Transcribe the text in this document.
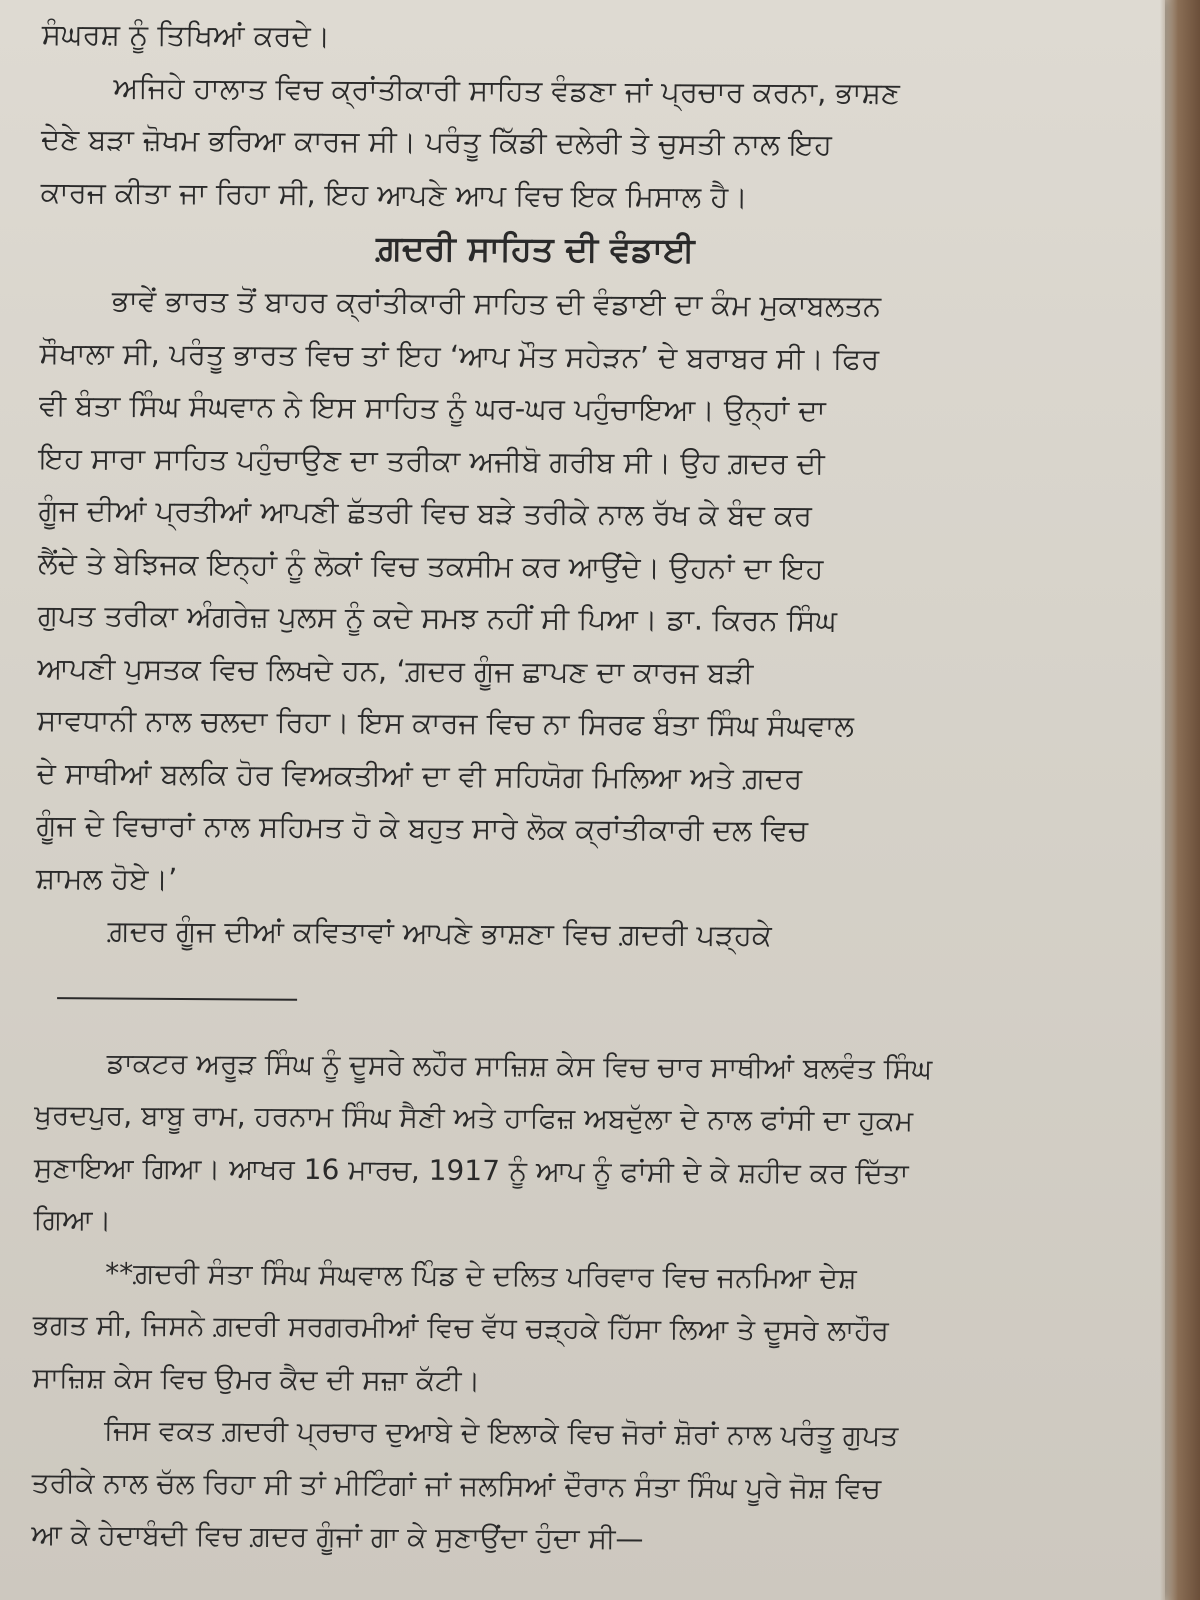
ਸੰਘਰਸ਼ ਨੂੰ ਤਿਖਿਆਂ ਕਰਦੇ।
ਅਜਿਹੇ ਹਾਲਾਤ ਵਿਚ ਕ੍ਰਾਂਤੀਕਾਰੀ ਸਾਹਿਤ ਵੰਡਣਾ ਜਾਂ ਪ੍ਰਚਾਰ ਕਰਨਾ, ਭਾਸ਼ਣ
ਦੇਣੇ ਬੜਾ ਜ਼ੋਖਮ ਭਰਿਆ ਕਾਰਜ ਸੀ। ਪਰੰਤੂ ਕਿੱਡੀ ਦਲੇਰੀ ਤੇ ਚੁਸਤੀ ਨਾਲ ਇਹ
ਕਾਰਜ ਕੀਤਾ ਜਾ ਰਿਹਾ ਸੀ, ਇਹ ਆਪਣੇ ਆਪ ਵਿਚ ਇਕ ਮਿਸਾਲ ਹੈ।
ਗ਼ਦਰੀ ਸਾਹਿਤ ਦੀ ਵੰਡਾਈ
ਭਾਵੇਂ ਭਾਰਤ ਤੋਂ ਬਾਹਰ ਕ੍ਰਾਂਤੀਕਾਰੀ ਸਾਹਿਤ ਦੀ ਵੰਡਾਈ ਦਾ ਕੰਮ ਮੁਕਾਬਲਤਨ
ਸੌਖਾਲਾ ਸੀ, ਪਰੰਤੂ ਭਾਰਤ ਵਿਚ ਤਾਂ ਇਹ ‘ਆਪ ਮੌਤ ਸਹੇੜਨ’ ਦੇ ਬਰਾਬਰ ਸੀ। ਫਿਰ
ਵੀ ਬੰਤਾ ਸਿੰਘ ਸੰਘਵਾਨ ਨੇ ਇਸ ਸਾਹਿਤ ਨੂੰ ਘਰ-ਘਰ ਪਹੁੰਚਾਇਆ। ਉਨ੍ਹਾਂ ਦਾ
ਇਹ ਸਾਰਾ ਸਾਹਿਤ ਪਹੁੰਚਾਉਣ ਦਾ ਤਰੀਕਾ ਅਜੀਬੋ ਗਰੀਬ ਸੀ। ਉਹ ਗ਼ਦਰ ਦੀ
ਗੂੰਜ ਦੀਆਂ ਪ੍ਰਤੀਆਂ ਆਪਣੀ ਛੱਤਰੀ ਵਿਚ ਬੜੇ ਤਰੀਕੇ ਨਾਲ ਰੱਖ ਕੇ ਬੰਦ ਕਰ
ਲੈਂਦੇ ਤੇ ਬੇਝਿਜਕ ਇਨ੍ਹਾਂ ਨੂੰ ਲੋਕਾਂ ਵਿਚ ਤਕਸੀਮ ਕਰ ਆਉਂਦੇ। ਉਹਨਾਂ ਦਾ ਇਹ
ਗੁਪਤ ਤਰੀਕਾ ਅੰਗਰੇਜ਼ ਪੁਲਸ ਨੂੰ ਕਦੇ ਸਮਝ ਨਹੀਂ ਸੀ ਪਿਆ। ਡਾ. ਕਿਰਨ ਸਿੰਘ
ਆਪਣੀ ਪੁਸਤਕ ਵਿਚ ਲਿਖਦੇ ਹਨ, ‘ਗ਼ਦਰ ਗੂੰਜ ਛਾਪਣ ਦਾ ਕਾਰਜ ਬੜੀ
ਸਾਵਧਾਨੀ ਨਾਲ ਚਲਦਾ ਰਿਹਾ। ਇਸ ਕਾਰਜ ਵਿਚ ਨਾ ਸਿਰਫ ਬੰਤਾ ਸਿੰਘ ਸੰਘਵਾਲ
ਦੇ ਸਾਥੀਆਂ ਬਲਕਿ ਹੋਰ ਵਿਅਕਤੀਆਂ ਦਾ ਵੀ ਸਹਿਯੋਗ ਮਿਲਿਆ ਅਤੇ ਗ਼ਦਰ
ਗੂੰਜ ਦੇ ਵਿਚਾਰਾਂ ਨਾਲ ਸਹਿਮਤ ਹੋ ਕੇ ਬਹੁਤ ਸਾਰੇ ਲੋਕ ਕ੍ਰਾਂਤੀਕਾਰੀ ਦਲ ਵਿਚ
ਸ਼ਾਮਲ ਹੋਏ।’
ਗ਼ਦਰ ਗੂੰਜ ਦੀਆਂ ਕਵਿਤਾਵਾਂ ਆਪਣੇ ਭਾਸ਼ਣਾ ਵਿਚ ਗ਼ਦਰੀ ਪੜ੍ਹਕੇ
ਡਾਕਟਰ ਅਰੂੜ ਸਿੰਘ ਨੂੰ ਦੂਸਰੇ ਲਹੌਰ ਸਾਜ਼ਿਸ਼ ਕੇਸ ਵਿਚ ਚਾਰ ਸਾਥੀਆਂ ਬਲਵੰਤ ਸਿੰਘ
ਖੁਰਦਪੁਰ, ਬਾਬੂ ਰਾਮ, ਹਰਨਾਮ ਸਿੰਘ ਸੈਣੀ ਅਤੇ ਹਾਫਿਜ਼ ਅਬਦੁੱਲਾ ਦੇ ਨਾਲ ਫਾਂਸੀ ਦਾ ਹੁਕਮ
ਸੁਣਾਇਆ ਗਿਆ। ਆਖਰ 16 ਮਾਰਚ, 1917 ਨੂੰ ਆਪ ਨੂੰ ਫਾਂਸੀ ਦੇ ਕੇ ਸ਼ਹੀਦ ਕਰ ਦਿੱਤਾ
ਗਿਆ।
**ਗ਼ਦਰੀ ਸੰਤਾ ਸਿੰਘ ਸੰਘਵਾਲ ਪਿੰਡ ਦੇ ਦਲਿਤ ਪਰਿਵਾਰ ਵਿਚ ਜਨਮਿਆ ਦੇਸ਼
ਭਗਤ ਸੀ, ਜਿਸਨੇ ਗ਼ਦਰੀ ਸਰਗਰਮੀਆਂ ਵਿਚ ਵੱਧ ਚੜ੍ਹਕੇ ਹਿੱਸਾ ਲਿਆ ਤੇ ਦੂਸਰੇ ਲਾਹੌਰ
ਸਾਜ਼ਿਸ਼ ਕੇਸ ਵਿਚ ਉਮਰ ਕੈਦ ਦੀ ਸਜ਼ਾ ਕੱਟੀ।
ਜਿਸ ਵਕਤ ਗ਼ਦਰੀ ਪ੍ਰਚਾਰ ਦੁਆਬੇ ਦੇ ਇਲਾਕੇ ਵਿਚ ਜੋਰਾਂ ਸ਼ੋਰਾਂ ਨਾਲ ਪਰੰਤੂ ਗੁਪਤ
ਤਰੀਕੇ ਨਾਲ ਚੱਲ ਰਿਹਾ ਸੀ ਤਾਂ ਮੀਟਿੰਗਾਂ ਜਾਂ ਜਲਸਿਆਂ ਦੌਰਾਨ ਸੰਤਾ ਸਿੰਘ ਪੂਰੇ ਜੋਸ਼ ਵਿਚ
ਆ ਕੇ ਹੇਦਾਬੰਦੀ ਵਿਚ ਗ਼ਦਰ ਗੂੰਜਾਂ ਗਾ ਕੇ ਸੁਣਾਉਂਦਾ ਹੁੰਦਾ ਸੀ—
